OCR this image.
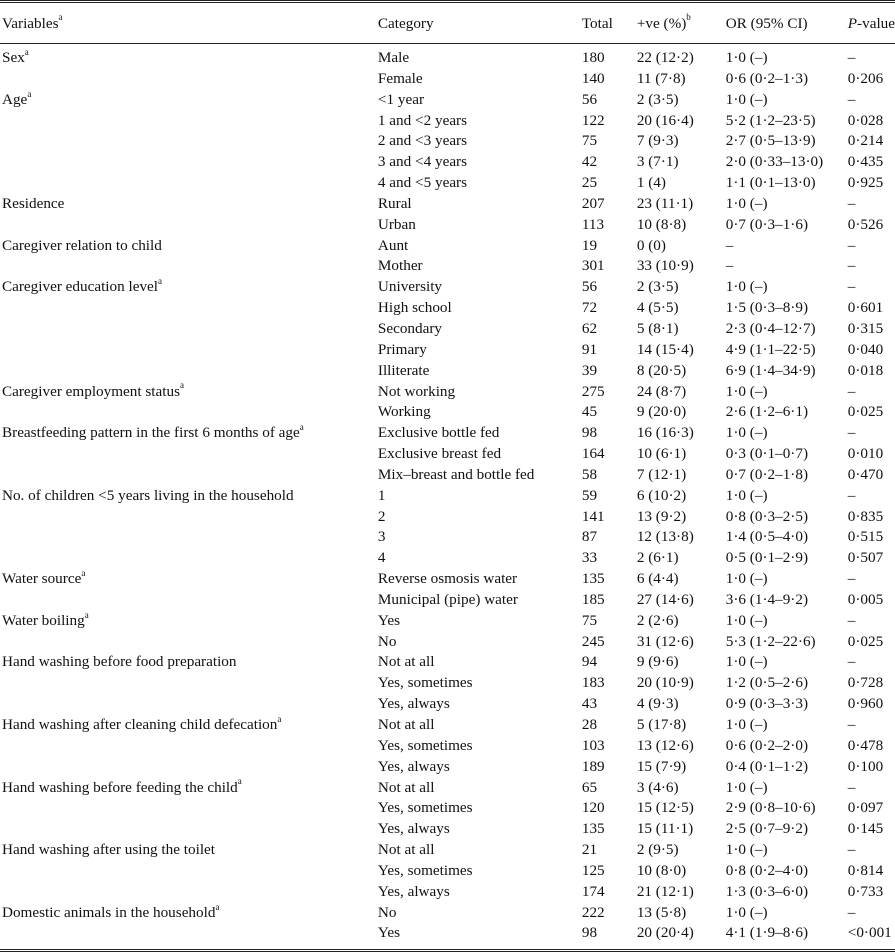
Variables$^a$	Category	Total	+ve (%)$^b$	OR (95% CI)	P-value
Sex$^a$	Male	180	22 (12·2)	1·0 (–)	–
	Female	140	11 (7·8)	0·6 (0·2–1·3)	0·206
Age$^a$	<1 year	56	2 (3·5)	1·0 (–)	–
	1 and <2 years	122	20 (16·4)	5·2 (1·2–23·5)	0·028
	2 and <3 years	75	7 (9·3)	2·7 (0·5–13·9)	0·214
	3 and <4 years	42	3 (7·1)	2·0 (0·33–13·0)	0·435
	4 and <5 years	25	1 (4)	1·1 (0·1–13·0)	0·925
Residence	Rural	207	23 (11·1)	1·0 (–)	–
	Urban	113	10 (8·8)	0·7 (0·3–1·6)	0·526
Caregiver relation to child	Aunt	19	0 (0)	–	–
	Mother	301	33 (10·9)	–	–
Caregiver education level$^a$	University	56	2 (3·5)	1·0 (–)	–
	High school	72	4 (5·5)	1·5 (0·3–8·9)	0·601
	Secondary	62	5 (8·1)	2·3 (0·4–12·7)	0·315
	Primary	91	14 (15·4)	4·9 (1·1–22·5)	0·040
	Illiterate	39	8 (20·5)	6·9 (1·4–34·9)	0·018
Caregiver employment status$^a$	Not working	275	24 (8·7)	1·0 (–)	–
	Working	45	9 (20·0)	2·6 (1·2–6·1)	0·025
Breastfeeding pattern in the first 6 months of age$^a$	Exclusive bottle fed	98	16 (16·3)	1·0 (–)	–
	Exclusive breast fed	164	10 (6·1)	0·3 (0·1–0·7)	0·010
	Mix–breast and bottle fed	58	7 (12·1)	0·7 (0·2–1·8)	0·470
No. of children <5 years living in the household	1	59	6 (10·2)	1·0 (–)	–
	2	141	13 (9·2)	0·8 (0·3–2·5)	0·835
	3	87	12 (13·8)	1·4 (0·5–4·0)	0·515
	4	33	2 (6·1)	0·5 (0·1–2·9)	0·507
Water source$^a$	Reverse osmosis water	135	6 (4·4)	1·0 (–)	–
	Municipal (pipe) water	185	27 (14·6)	3·6 (1·4–9·2)	0·005
Water boiling$^a$	Yes	75	2 (2·6)	1·0 (–)	–
	No	245	31 (12·6)	5·3 (1·2–22·6)	0·025
Hand washing before food preparation	Not at all	94	9 (9·6)	1·0 (–)	–
	Yes, sometimes	183	20 (10·9)	1·2 (0·5–2·6)	0·728
	Yes, always	43	4 (9·3)	0·9 (0·3–3·3)	0·960
Hand washing after cleaning child defecation$^a$	Not at all	28	5 (17·8)	1·0 (–)	–
	Yes, sometimes	103	13 (12·6)	0·6 (0·2–2·0)	0·478
	Yes, always	189	15 (7·9)	0·4 (0·1–1·2)	0·100
Hand washing before feeding the child$^a$	Not at all	65	3 (4·6)	1·0 (–)	–
	Yes, sometimes	120	15 (12·5)	2·9 (0·8–10·6)	0·097
	Yes, always	135	15 (11·1)	2·5 (0·7–9·2)	0·145
Hand washing after using the toilet	Not at all	21	2 (9·5)	1·0 (–)	–
	Yes, sometimes	125	10 (8·0)	0·8 (0·2–4·0)	0·814
	Yes, always	174	21 (12·1)	1·3 (0·3–6·0)	0·733
Domestic animals in the household$^a$	No	222	13 (5·8)	1·0 (–)	–
	Yes	98	20 (20·4)	4·1 (1·9–8·6)	<0·001
